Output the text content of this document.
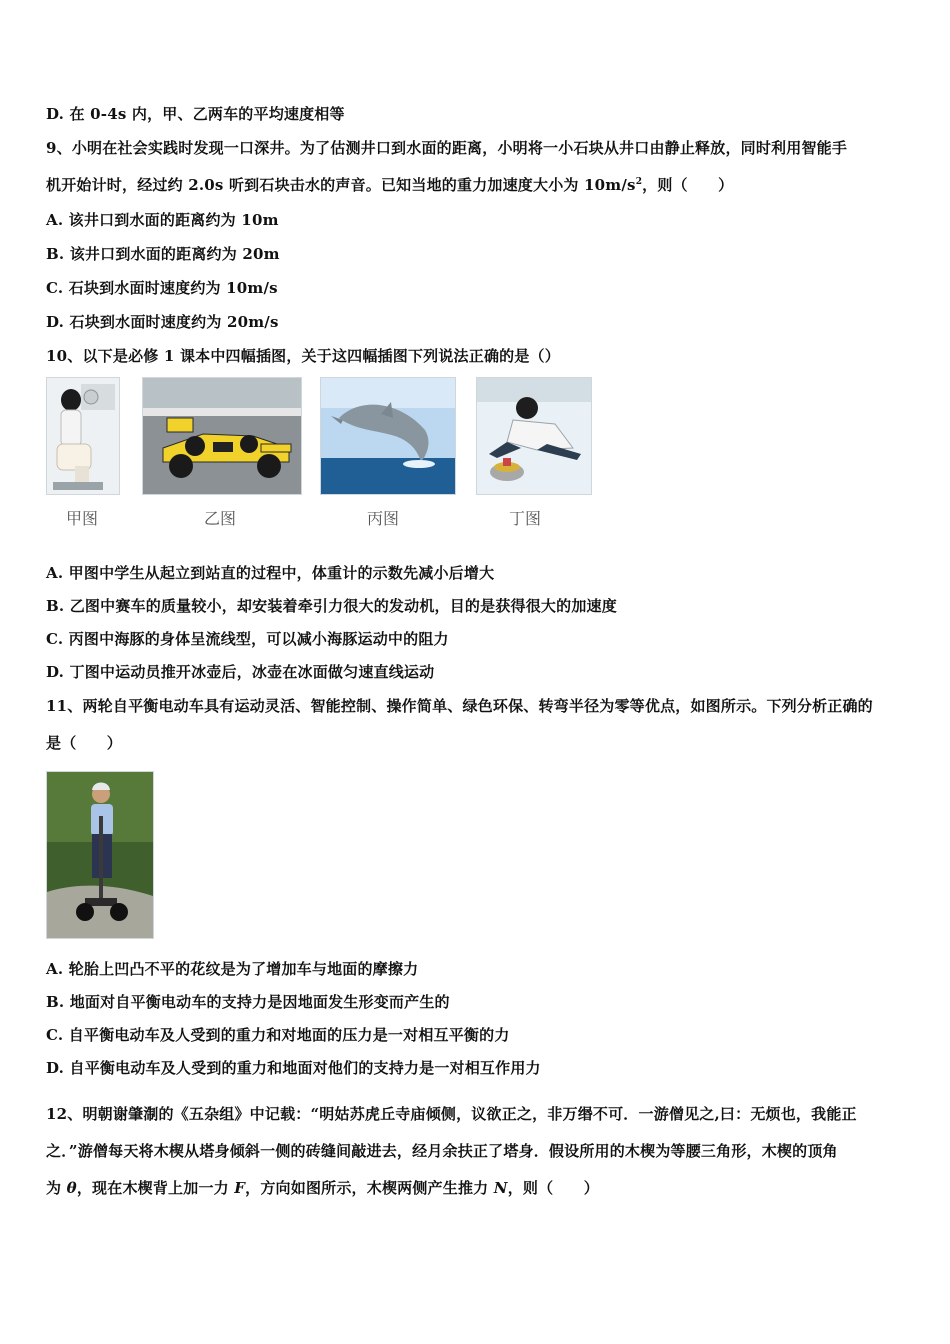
D. 在 0-4s 内，甲、乙两车的平均速度相等
9、小明在社会实践时发现一口深井。为了估测井口到水面的距离，小明将一小石块从井口由静止释放，同时利用智能手
机开始计时，经过约 2.0s 听到石块击水的声音。已知当地的重力加速度大小为 $10m/s^2$，则（　　）
A. 该井口到水面的距离约为 10m
B. 该井口到水面的距离约为 20m
C. 石块到水面时速度约为 10m/s
D. 石块到水面时速度约为 20m/s
10、以下是必修 1 课本中四幅插图，关于这四幅插图下列说法正确的是（）
甲图	乙图	丙图	丁图
A. 甲图中学生从起立到站直的过程中，体重计的示数先减小后增大
B. 乙图中赛车的质量较小，却安装着牵引力很大的发动机，目的是获得很大的加速度
C. 丙图中海豚的身体呈流线型，可以减小海豚运动中的阻力
D. 丁图中运动员推开冰壶后，冰壶在冰面做匀速直线运动
11、两轮自平衡电动车具有运动灵活、智能控制、操作简单、绿色环保、转弯半径为零等优点，如图所示。下列分析正确的
是（　　）
A. 轮胎上凹凸不平的花纹是为了增加车与地面的摩擦力
B. 地面对自平衡电动车的支持力是因地面发生形变而产生的
C. 自平衡电动车及人受到的重力和对地面的压力是一对相互平衡的力
D. 自平衡电动车及人受到的重力和地面对他们的支持力是一对相互作用力
12、明朝谢肇淛的《五杂组》中记载：“明姑苏虎丘寺庙倾侧，议欲正之，非万缗不可．一游僧见之,曰：无烦也，我能正
之．”游僧每天将木楔从塔身倾斜一侧的砖缝间敲进去，经月余扶正了塔身．假设所用的木楔为等腰三角形，木楔的顶角
为 θ，现在木楔背上加一力 F，方向如图所示，木楔两侧产生推力 N，则（　　）
